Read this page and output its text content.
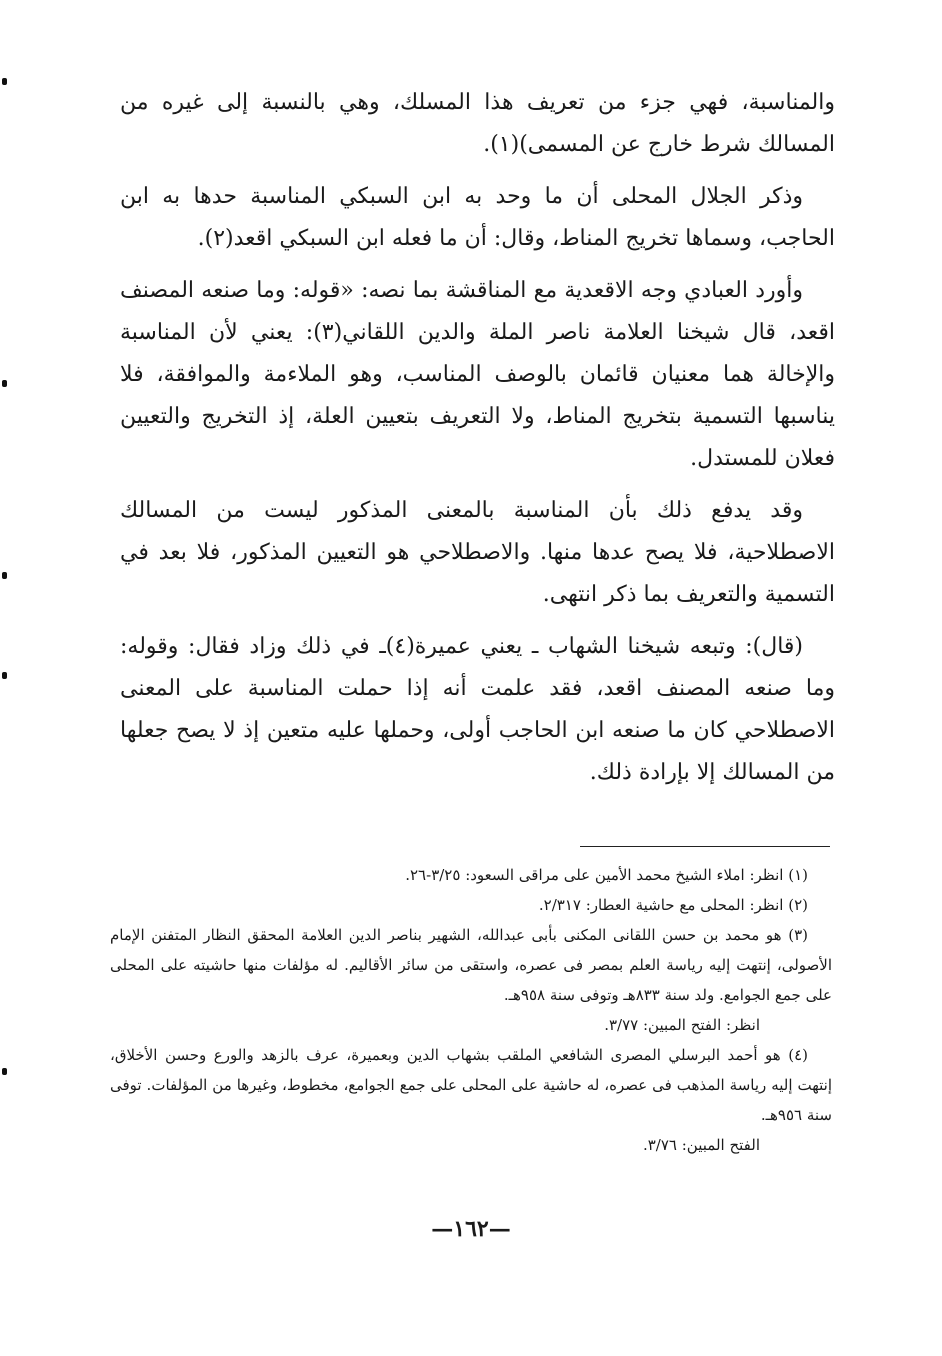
والمناسبة، فهي جزء من تعريف هذا المسلك، وهي بالنسبة إلى غيره من المسالك شرط خارج عن المسمى)(١).

وذكر الجلال المحلى أن ما وحد به ابن السبكي المناسبة حدها به ابن الحاجب، وسماها تخريج المناط، وقال: أن ما فعله ابن السبكي اقعد(٢).

وأورد العبادي وجه الاقعدية مع المناقشة بما نصه: «قوله: وما صنعه المصنف اقعد، قال شيخنا العلامة ناصر الملة والدين اللقاني(٣): يعني لأن المناسبة والإخالة هما معنيان قائمان بالوصف المناسب، وهو الملاءمة والموافقة، فلا يناسبها التسمية بتخريج المناط، ولا التعريف بتعيين العلة، إذ التخريج والتعيين فعلان للمستدل.

وقد يدفع ذلك بأن المناسبة بالمعنى المذكور ليست من المسالك الاصطلاحية، فلا يصح عدها منها. والاصطلاحي هو التعيين المذكور، فلا بعد في التسمية والتعريف بما ذكر انتهى.

(قال): وتبعه شيخنا الشهاب ـ يعني عميرة(٤)ـ في ذلك وزاد فقال: وقوله: وما صنعه المصنف اقعد، فقد علمت أنه إذا حملت المناسبة على المعنى الاصطلاحي كان ما صنعه ابن الحاجب أولى، وحملها عليه متعين إذ لا يصح جعلها من المسالك إلا بإرادة ذلك.

(١) انظر: املاء الشيخ محمد الأمين على مراقى السعود: ٣/٢٥-٢٦.

(٢) انظر: المحلى مع حاشية العطار: ٢/٣١٧.

(٣) هو محمد بن حسن اللقانى المكنى بأبى عبدالله، الشهير بناصر الدين العلامة المحقق النظار المتفنن الإمام الأصولى، إنتهت إليه رياسة العلم بمصر فى عصره، واستقى من سائر الأقاليم. له مؤلفات منها حاشيته على المحلى على جمع الجوامع. ولد سنة ٨٣٣هـ وتوفى سنة ٩٥٨هـ.

انظر: الفتح المبين: ٣/٧٧.

(٤) هو أحمد البرسلي المصرى الشافعي الملقب بشهاب الدين وبعميرة، عرف بالزهد والورع وحسن الأخلاق، إنتهت إليه رياسة المذهب فى عصره، له حاشية على المحلى على جمع الجوامع، مخطوط، وغيرها من المؤلفات. توفى سنة ٩٥٦هـ.

الفتح المبين: ٣/٧٦.

—١٦٢—
